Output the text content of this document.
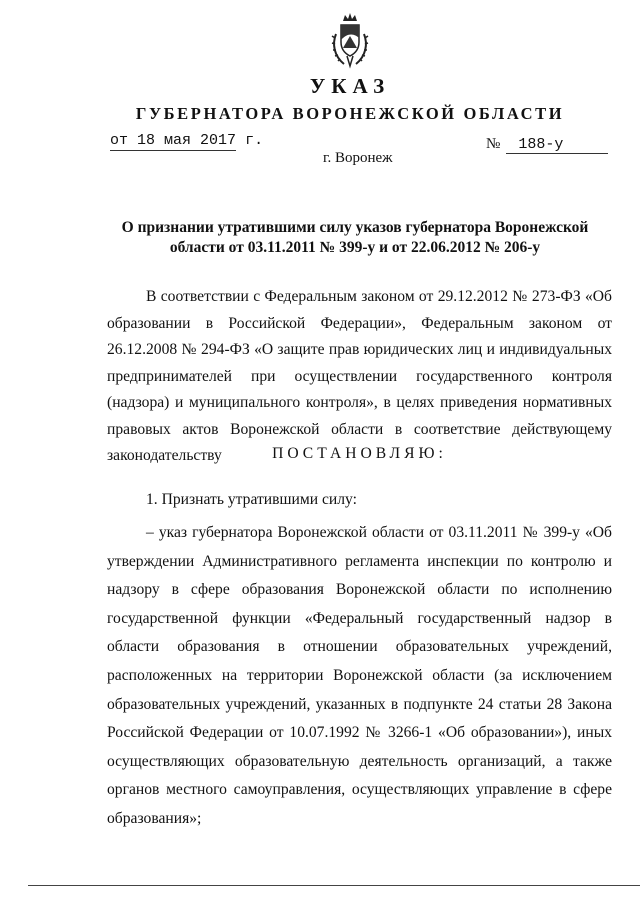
УКАЗ
ГУБЕРНАТОРА ВОРОНЕЖСКОЙ ОБЛАСТИ
от 18 мая 2017 г.	№ 188-у
г. Воронеж
О признании утратившими силу указов губернатора Воронежской области от 03.11.2011 № 399-у и от 22.06.2012 № 206-у
В соответствии с Федеральным законом от 29.12.2012 № 273-ФЗ «Об образовании в Российской Федерации», Федеральным законом от 26.12.2008 № 294-ФЗ «О защите прав юридических лиц и индивидуальных предпринимателей при осуществлении государственного контроля (надзора) и муниципального контроля», в целях приведения нормативных правовых актов Воронежской области в соответствие действующему законодательству	ПОСТАНОВЛЯЮ:
1. Признать утратившими силу:
– указ губернатора Воронежской области от 03.11.2011 № 399-у «Об утверждении Административного регламента инспекции по контролю и надзору в сфере образования Воронежской области по исполнению государственной функции «Федеральный государственный надзор в области образования в отношении образовательных учреждений, расположенных на территории Воронежской области (за исключением образовательных учреждений, указанных в подпункте 24 статьи 28 Закона Российской Федерации от 10.07.1992 № 3266-1 «Об образовании»), иных осуществляющих образовательную деятельность организаций, а также органов местного самоуправления, осуществляющих управление в сфере образования»;
